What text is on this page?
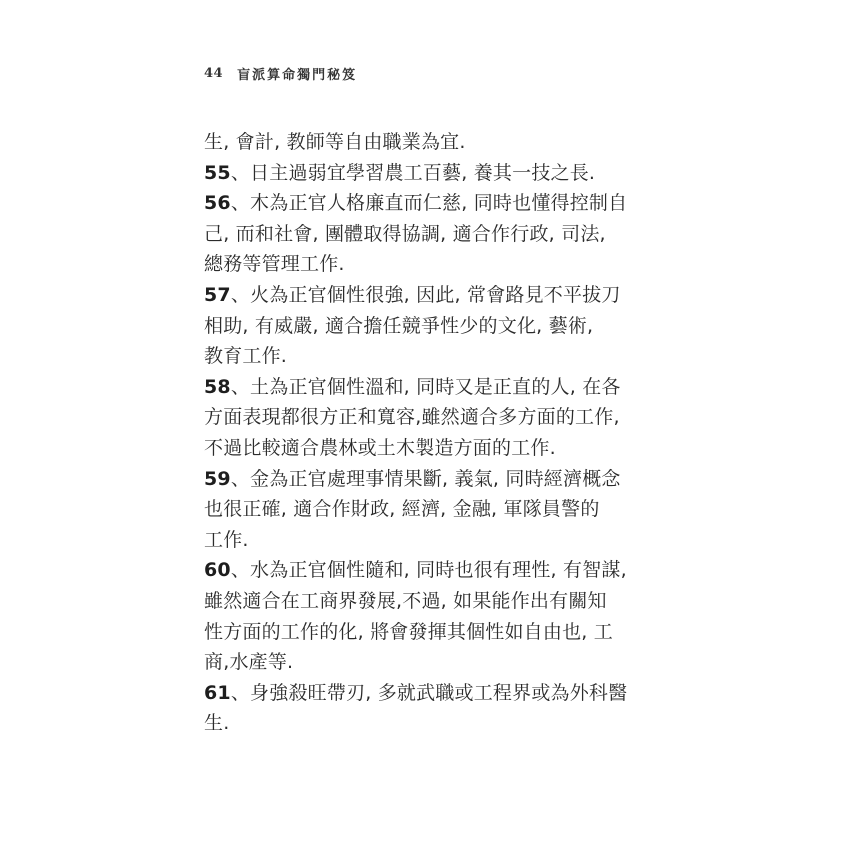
44 盲派算命獨門秘笈
生, 會計, 教師等自由職業為宜.
55、日主過弱宜學習農工百藝, 養其一技之長.
56、木為正官人格廉直而仁慈, 同時也懂得控制自
己, 而和社會, 團體取得協調, 適合作行政, 司法,
總務等管理工作.
57、火為正官個性很強, 因此, 常會路見不平拔刀
相助, 有威嚴, 適合擔任競爭性少的文化, 藝術,
教育工作.
58、土為正官個性溫和, 同時又是正直的人, 在各
方面表現都很方正和寬容,雖然適合多方面的工作,
不過比較適合農林或土木製造方面的工作.
59、金為正官處理事情果斷, 義氣, 同時經濟概念
也很正確, 適合作財政, 經濟, 金融, 軍隊員警的
工作.
60、水為正官個性隨和, 同時也很有理性, 有智謀,
雖然適合在工商界發展,不過, 如果能作出有關知
性方面的工作的化, 將會發揮其個性如自由也, 工
商,水產等.
61、身強殺旺帶刃, 多就武職或工程界或為外科醫
生.
